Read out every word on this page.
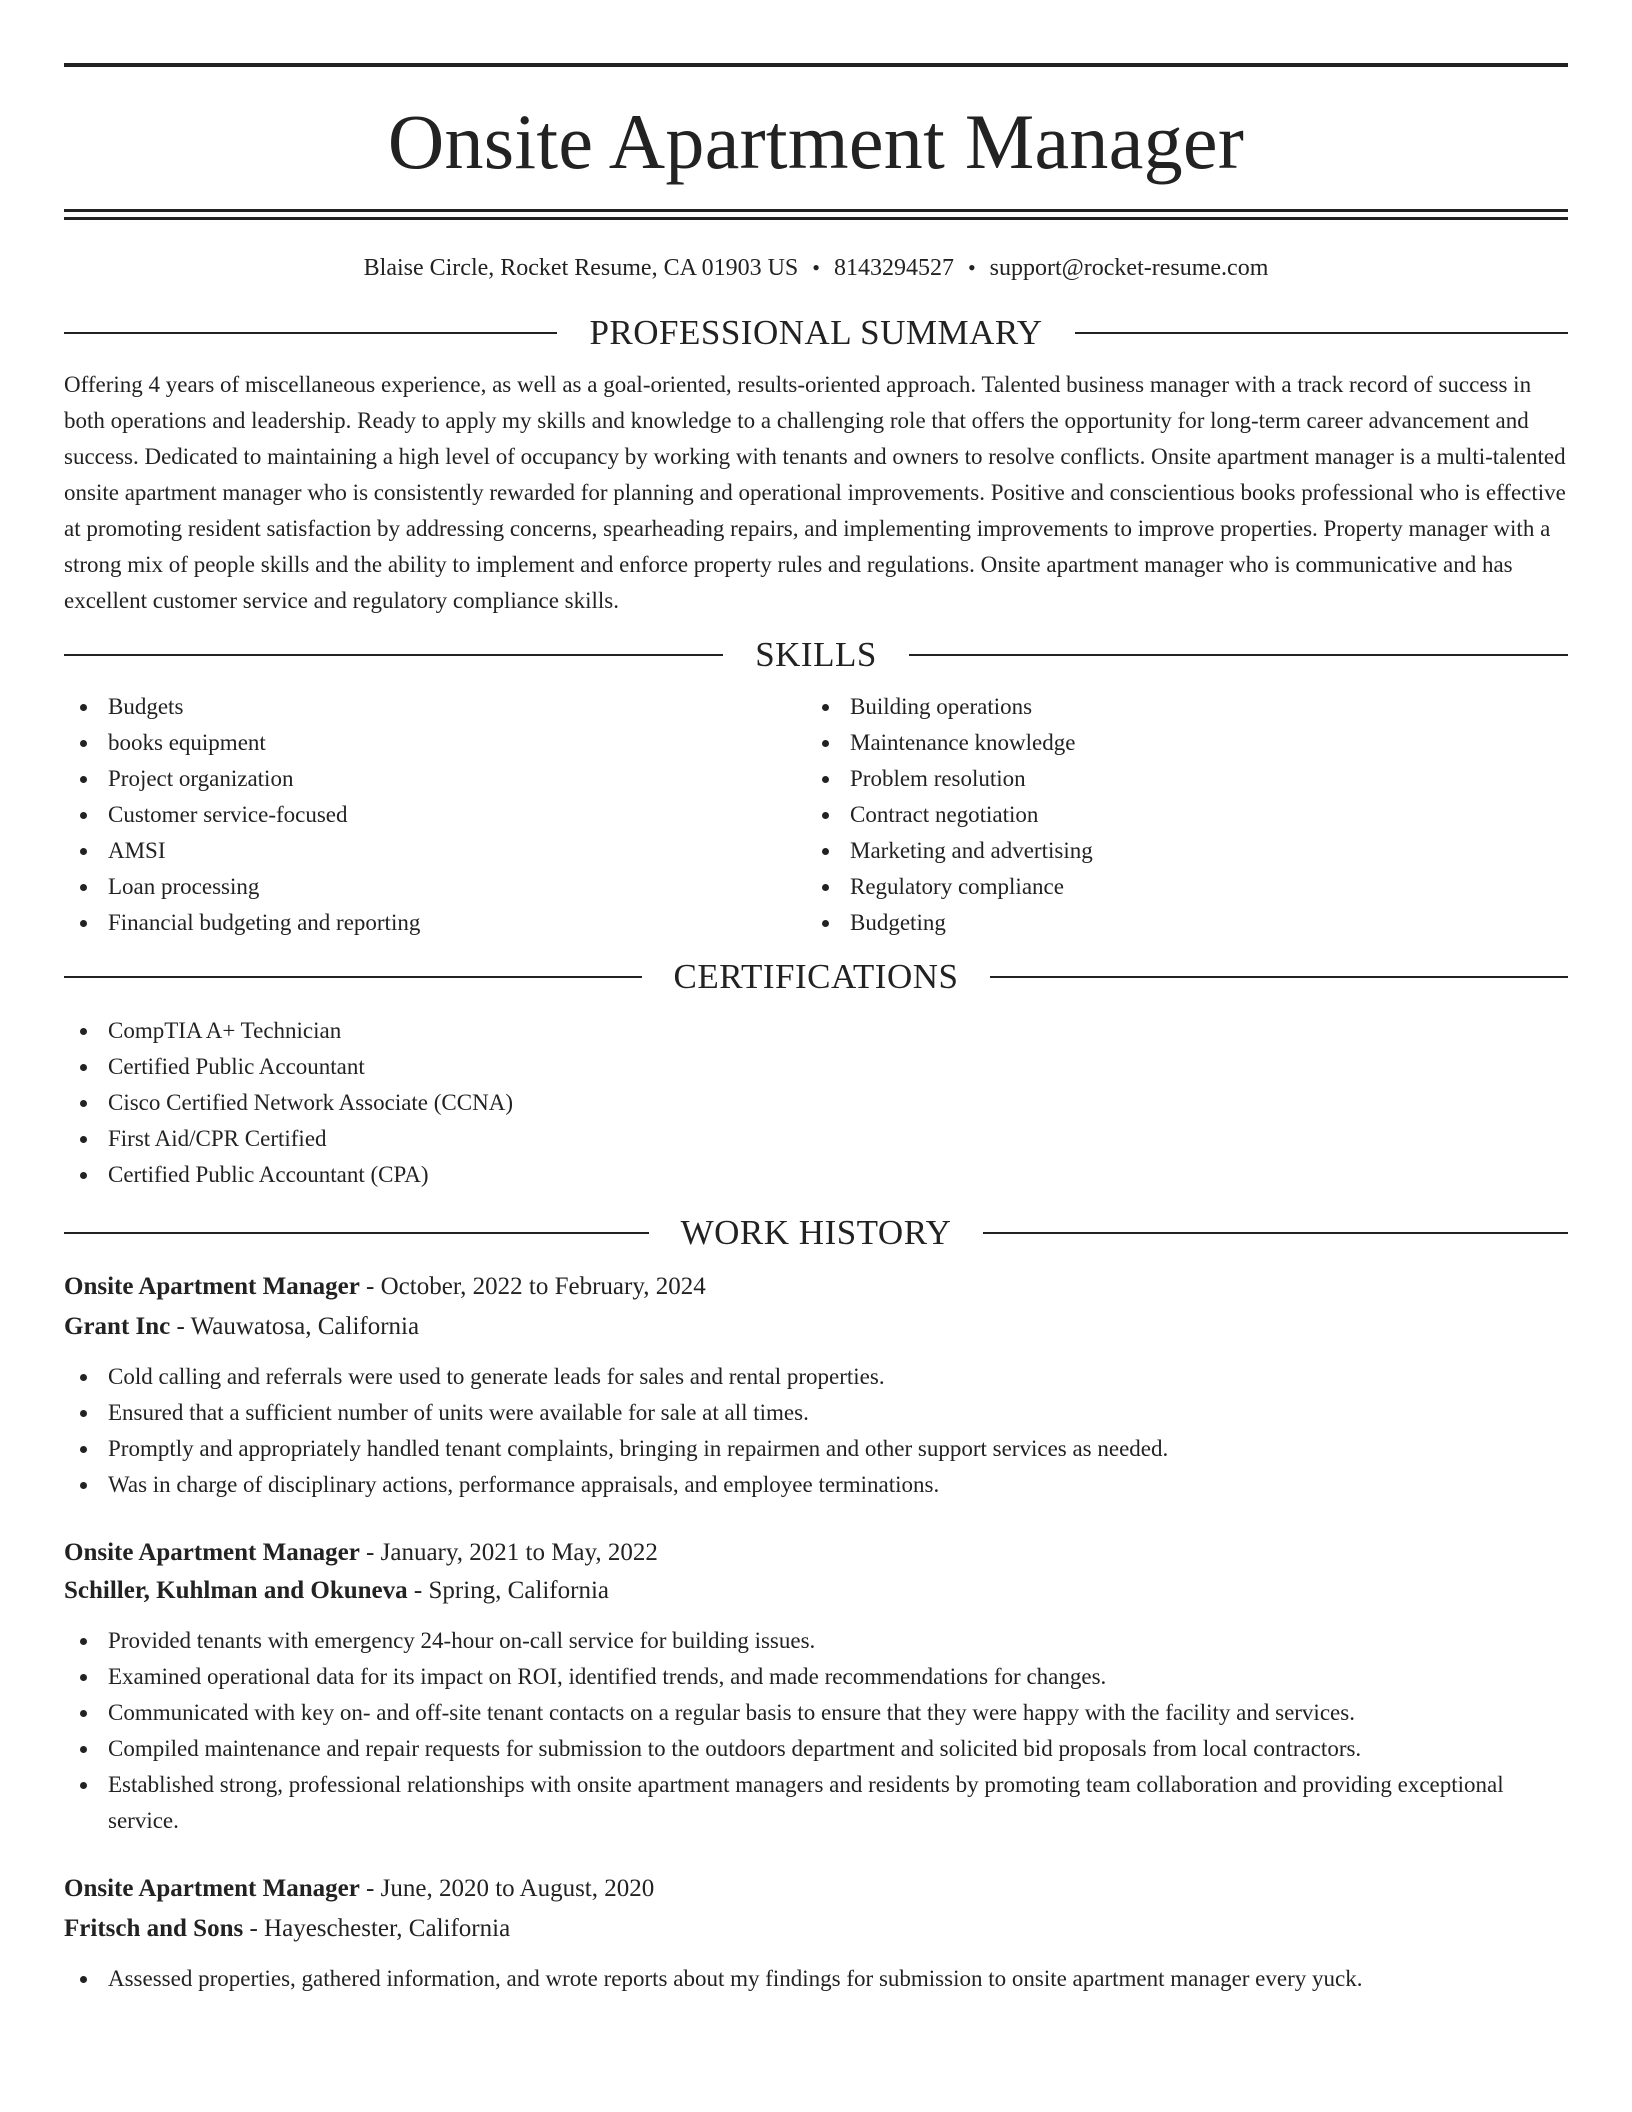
Onsite Apartment Manager
Blaise Circle, Rocket Resume, CA 01903 US • 8143294527 • support@rocket-resume.com
PROFESSIONAL SUMMARY
Offering 4 years of miscellaneous experience, as well as a goal-oriented, results-oriented approach. Talented business manager with a track record of success in both operations and leadership. Ready to apply my skills and knowledge to a challenging role that offers the opportunity for long-term career advancement and success. Dedicated to maintaining a high level of occupancy by working with tenants and owners to resolve conflicts. Onsite apartment manager is a multi-talented onsite apartment manager who is consistently rewarded for planning and operational improvements. Positive and conscientious books professional who is effective at promoting resident satisfaction by addressing concerns, spearheading repairs, and implementing improvements to improve properties. Property manager with a strong mix of people skills and the ability to implement and enforce property rules and regulations. Onsite apartment manager who is communicative and has excellent customer service and regulatory compliance skills.
SKILLS
Budgets
books equipment
Project organization
Customer service-focused
AMSI
Loan processing
Financial budgeting and reporting
Building operations
Maintenance knowledge
Problem resolution
Contract negotiation
Marketing and advertising
Regulatory compliance
Budgeting
CERTIFICATIONS
CompTIA A+ Technician
Certified Public Accountant
Cisco Certified Network Associate (CCNA)
First Aid/CPR Certified
Certified Public Accountant (CPA)
WORK HISTORY
Onsite Apartment Manager - October, 2022 to February, 2024
Grant Inc - Wauwatosa, California
Cold calling and referrals were used to generate leads for sales and rental properties.
Ensured that a sufficient number of units were available for sale at all times.
Promptly and appropriately handled tenant complaints, bringing in repairmen and other support services as needed.
Was in charge of disciplinary actions, performance appraisals, and employee terminations.
Onsite Apartment Manager - January, 2021 to May, 2022
Schiller, Kuhlman and Okuneva - Spring, California
Provided tenants with emergency 24-hour on-call service for building issues.
Examined operational data for its impact on ROI, identified trends, and made recommendations for changes.
Communicated with key on- and off-site tenant contacts on a regular basis to ensure that they were happy with the facility and services.
Compiled maintenance and repair requests for submission to the outdoors department and solicited bid proposals from local contractors.
Established strong, professional relationships with onsite apartment managers and residents by promoting team collaboration and providing exceptional service.
Onsite Apartment Manager - June, 2020 to August, 2020
Fritsch and Sons - Hayeschester, California
Assessed properties, gathered information, and wrote reports about my findings for submission to onsite apartment manager every yuck.
